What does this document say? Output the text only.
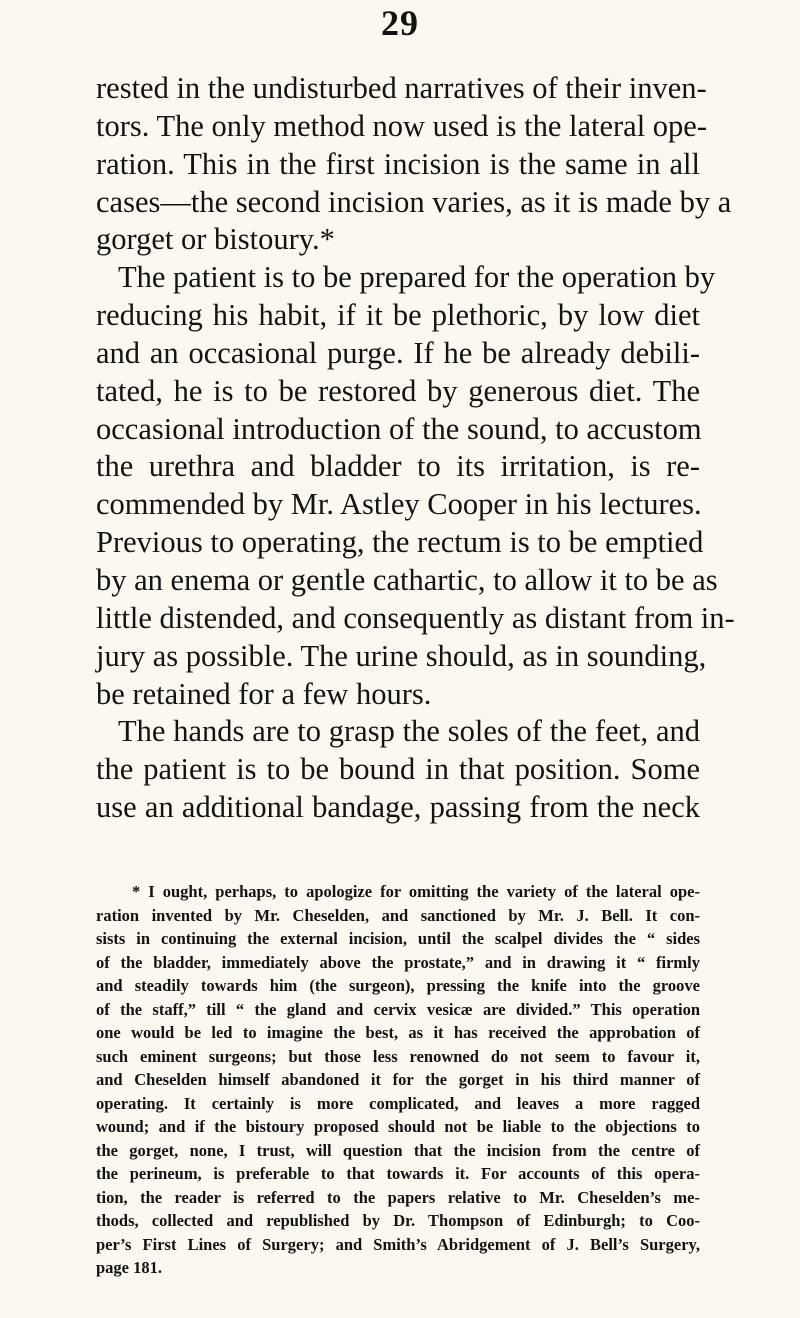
29
rested in the undisturbed narratives of their inven-
tors. The only method now used is the lateral ope-
ration. This in the first incision is the same in all
cases—the second incision varies, as it is made by a
gorget or bistoury.*
The patient is to be prepared for the operation by
reducing his habit, if it be plethoric, by low diet
and an occasional purge. If he be already debili-
tated, he is to be restored by generous diet. The
occasional introduction of the sound, to accustom
the urethra and bladder to its irritation, is re-
commended by Mr. Astley Cooper in his lectures.
Previous to operating, the rectum is to be emptied
by an enema or gentle cathartic, to allow it to be as
little distended, and consequently as distant from in-
jury as possible. The urine should, as in sounding,
be retained for a few hours.
The hands are to grasp the soles of the feet, and
the patient is to be bound in that position. Some
use an additional bandage, passing from the neck
* I ought, perhaps, to apologize for omitting the variety of the lateral ope-
ration invented by Mr. Cheselden, and sanctioned by Mr. J. Bell. It con-
sists in continuing the external incision, until the scalpel divides the “ sides
of the bladder, immediately above the prostate,” and in drawing it “ firmly
and steadily towards him (the surgeon), pressing the knife into the groove
of the staff,” till “ the gland and cervix vesicæ are divided.” This operation
one would be led to imagine the best, as it has received the approbation of
such eminent surgeons; but those less renowned do not seem to favour it,
and Cheselden himself abandoned it for the gorget in his third manner of
operating. It certainly is more complicated, and leaves a more ragged
wound; and if the bistoury proposed should not be liable to the objections to
the gorget, none, I trust, will question that the incision from the centre of
the perineum, is preferable to that towards it. For accounts of this opera-
tion, the reader is referred to the papers relative to Mr. Cheselden’s me-
thods, collected and republished by Dr. Thompson of Edinburgh; to Coo-
per’s First Lines of Surgery; and Smith’s Abridgement of J. Bell’s Surgery,
page 181.
